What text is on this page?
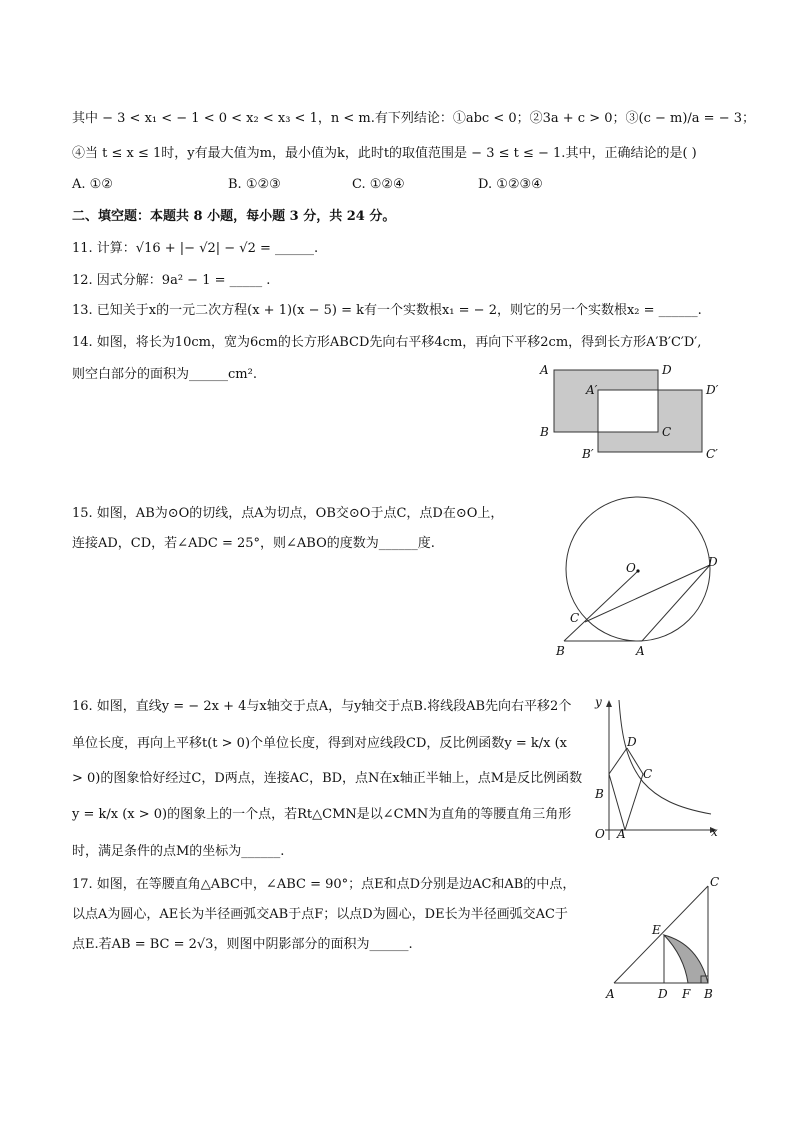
其中 − 3 < x₁ < − 1 < 0 < x₂ < x₃ < 1，n < m.有下列结论：①abc < 0；②3a + c > 0；③(c − m)/a = − 3；
④当 t ≤ x ≤ 1时，y有最大值为m，最小值为k，此时t的取值范围是 − 3 ≤ t ≤ − 1.其中，正确结论的是( )
A. ①②	B. ①②③	C. ①②④	D. ①②③④
二、填空题：本题共 8 小题，每小题 3 分，共 24 分。
11. 计算：√16 + |− √2| − √2 = ______.
12. 因式分解：9a² − 1 = _____ .
13. 已知关于x的一元二次方程(x + 1)(x − 5) = k有一个实数根x₁ = − 2，则它的另一个实数根x₂ = ______.
14. 如图，将长为10cm，宽为6cm的长方形ABCD先向右平移4cm，再向下平移2cm，得到长方形A′B′C′D′,
则空白部分的面积为______cm².	A	D
A′	D′
B	C
B′	C′
15. 如图，AB为⊙O的切线，点A为切点，OB交⊙O于点C，点D在⊙O上，
连接AD，CD，若∠ADC = 25°，则∠ABO的度数为______度.
O	D
C
B	A
16. 如图，直线y = − 2x + 4与x轴交于点A，与y轴交于点B.将线段AB先向右平移2个
单位长度，再向上平移t(t > 0)个单位长度，得到对应线段CD，反比例函数y = k/x (x
> 0)的图象恰好经过C，D两点，连接AC，BD，点N在x轴正半轴上，点M是反比例函数
y = k/x (x > 0)的图象上的一个点，若Rt△CMN是以∠CMN为直角的等腰直角三角形
时，满足条件的点M的坐标为______.
y
D
C
B
O A	x
17. 如图，在等腰直角△ABC中，∠ABC = 90°；点E和点D分别是边AC和AB的中点，
以点A为圆心，AE长为半径画弧交AB于点F；以点D为圆心，DE长为半径画弧交AC于
点E.若AB = BC = 2√3，则图中阴影部分的面积为______.
C
E
A	D F B
